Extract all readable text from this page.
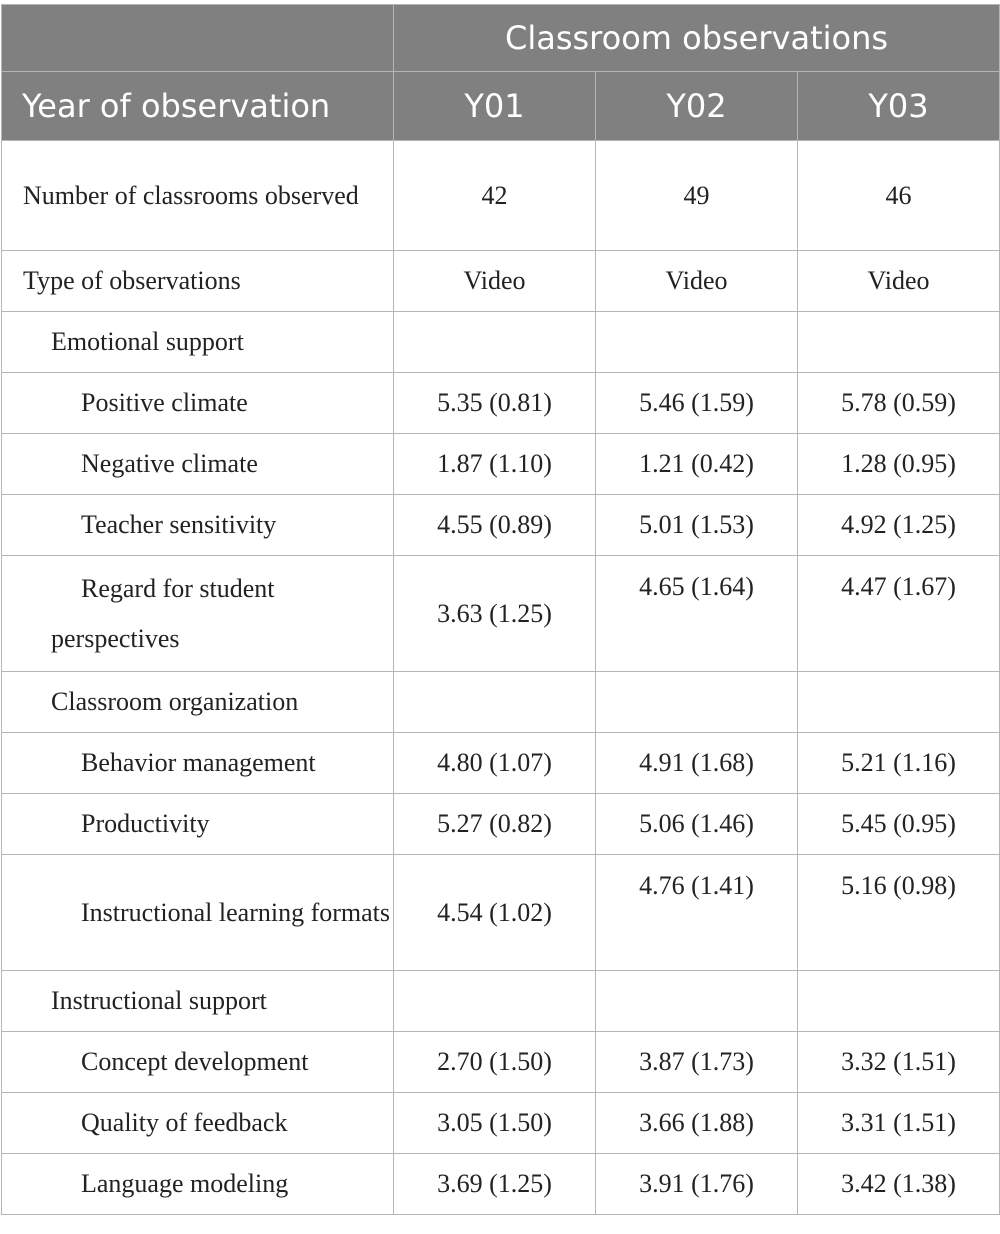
	Classroom observations		
Year of observation	Y01	Y02	Y03
Number of classrooms observed	42	49	46
Type of observations	Video	Video	Video
Emotional support			
Positive climate	5.35 (0.81)	5.46 (1.59)	5.78 (0.59)
Negative climate	1.87 (1.10)	1.21 (0.42)	1.28 (0.95)
Teacher sensitivity	4.55 (0.89)	5.01 (1.53)	4.92 (1.25)
Regard for student perspectives	3.63 (1.25)	4.65 (1.64)	4.47 (1.67)
Classroom organization			
Behavior management	4.80 (1.07)	4.91 (1.68)	5.21 (1.16)
Productivity	5.27 (0.82)	5.06 (1.46)	5.45 (0.95)
Instructional learning formats	4.54 (1.02)	4.76 (1.41)	5.16 (0.98)
Instructional support			
Concept development	2.70 (1.50)	3.87 (1.73)	3.32 (1.51)
Quality of feedback	3.05 (1.50)	3.66 (1.88)	3.31 (1.51)
Language modeling	3.69 (1.25)	3.91 (1.76)	3.42 (1.38)
